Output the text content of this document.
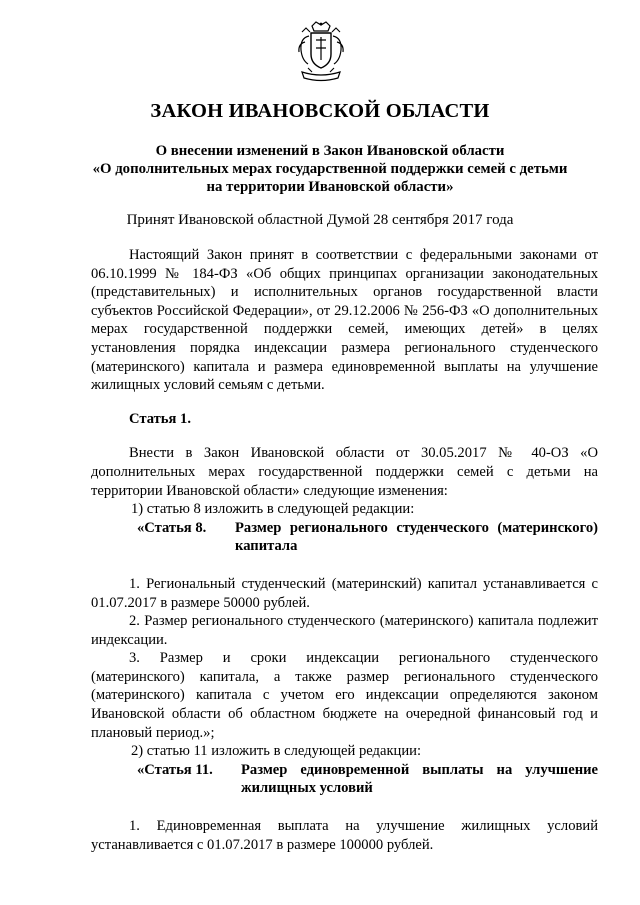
ЗАКОН ИВАНОВСКОЙ ОБЛАСТИ
О внесении изменений в Закон Ивановской области
«О дополнительных мерах государственной поддержки семей с детьми
на территории Ивановской области»
Принят Ивановской областной Думой 28 сентября 2017 года

Настоящий Закон принят в соответствии с федеральными законами от 06.10.1999 № 184-ФЗ «Об общих принципах организации законодательных (представительных) и исполнительных органов государственной власти субъектов Российской Федерации», от 29.12.2006 № 256-ФЗ «О дополнительных мерах государственной поддержки семей, имеющих детей» в целях установления порядка индексации размера регионального студенческого (материнского) капитала и размера единовременной выплаты на улучшение жилищных условий семьям с детьми.

Статья 1.

Внести в Закон Ивановской области от 30.05.2017 № 40-ОЗ «О дополнительных мерах государственной поддержки семей с детьми на территории Ивановской области» следующие изменения:

1) статью 8 изложить в следующей редакции:

«Статья 8.	Размер регионального студенческого (материнского) капитала

1. Региональный студенческий (материнский) капитал устанавливается с 01.07.2017 в размере 50000 рублей.

2. Размер регионального студенческого (материнского) капитала подлежит индексации.

3. Размер и сроки индексации регионального студенческого (материнского) капитала, а также размер регионального студенческого (материнского) капитала с учетом его индексации определяются законом Ивановской области об областном бюджете на очередной финансовый год и плановый период.»;

2) статью 11 изложить в следующей редакции:

«Статья 11.	Размер единовременной выплаты на улучшение жилищных условий

1. Единовременная выплата на улучшение жилищных условий устанавливается с 01.07.2017 в размере 100000 рублей.
